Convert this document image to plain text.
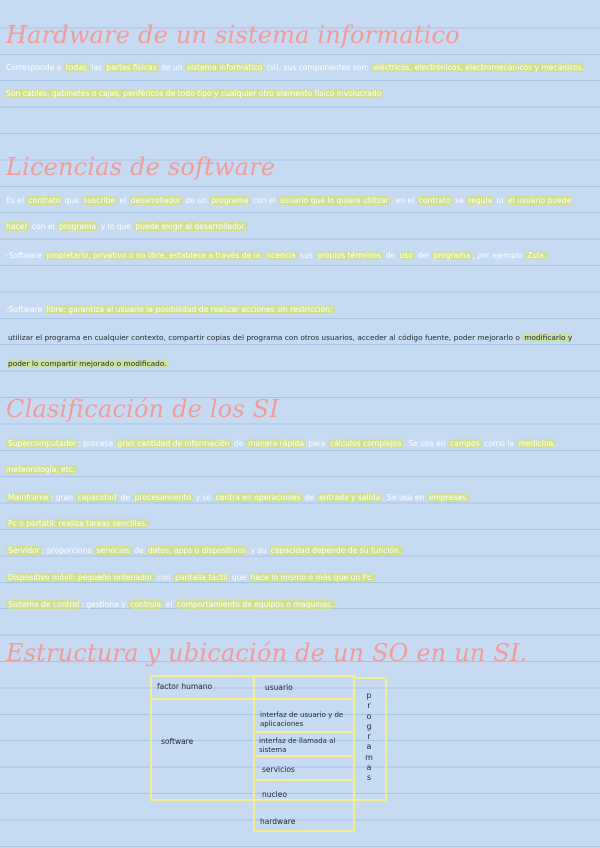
Hardware de un sistema informatico

Corresponde a todas las partes físicas de un sistema informático (si), sus componentes son: eléctricos, electrónicos, electromecánicos y mecánicos. Son cables, gabinetes o cajas, periféricos de todo tipo y cualquier otro elemento físico involucrado

Licencias de software

Es el contrato que suscribe el desarrollador de un programa con el usuario que lo quiere utilizar , en el contrato se regula lo el usuario puede hacer con el programa y lo que puede exigir al desarrollador.

-Software propietario, privativo o no libre, establece a través de la licencia sus propios términos de uso del programa , por ejemplo Zula.

-Software libre: garantiza al usuario la posibilidad de realizar acciones sin restricción:

utilizar el programa en cualquier contexto, compartir copias del programa con otros usuarios, acceder al código fuente, poder mejorarlo o modificarlo y poder lo compartir mejorado o modificado.

Clasificación de los SI

Supercomputador : procesa gran cantidad de información de manera rápida para cálculos complejos . Se usa en campos como la medicina, meteorología, etc.

Mainframe : gran capacidad de procesamiento y se centra en operaciones de entrada y salida . Se usa en empresas.

Pc o portátil: realiza tareas sencillas.

Servidor : proporciona servicios de datos, apps o dispositivos y su capacidad depende de su función.

Dispositivo móvil: pequeño ordenador con pantalla táctil que hace lo mismo o más que un Pc.

Sistema de control : gestiona y controla el comportamiento de equipos o maquinas.

Estructura y ubicación de un SO en un SI.
factor humano	usuario
software
interfaz de usuario y de aplicaciones
interfaz de llamada al sistema
servicios
nucleo
hardware
p
r
o
g
r
a
m
a
s
